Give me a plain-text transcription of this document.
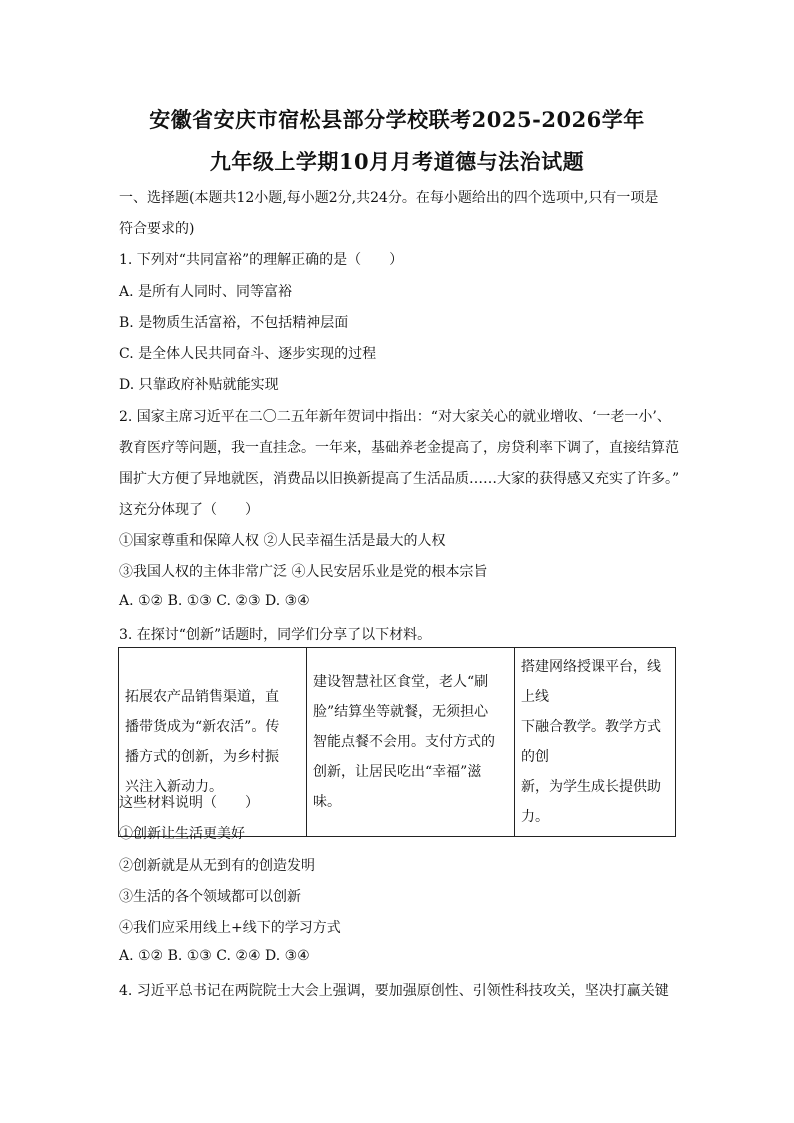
安徽省安庆市宿松县部分学校联考2025-2026学年
九年级上学期10月月考道德与法治试题
一、选择题(本题共12小题,每小题2分,共24分。在每小题给出的四个选项中,只有一项是
符合要求的)
1. 下列对“共同富裕”的理解正确的是（　　）
A. 是所有人同时、同等富裕
B. 是物质生活富裕，不包括精神层面
C. 是全体人民共同奋斗、逐步实现的过程
D. 只靠政府补贴就能实现
2. 国家主席习近平在二〇二五年新年贺词中指出：“对大家关心的就业增收、‘一老一小’、
教育医疗等问题，我一直挂念。一年来，基础养老金提高了，房贷利率下调了，直接结算范
围扩大方便了异地就医，消费品以旧换新提高了生活品质……大家的获得感又充实了许多。”
这充分体现了（　　）
①国家尊重和保障人权 ②人民幸福生活是最大的人权
③我国人权的主体非常广泛 ④人民安居乐业是党的根本宗旨
A. ①② B. ①③ C. ②③ D. ③④
3. 在探讨“创新”话题时，同学们分享了以下材料。
拓展农产品销售渠道，直
播带货成为“新农活”。传
播方式的创新，为乡村振
兴注入新动力。

建设智慧社区食堂，老人“刷
脸”结算坐等就餐，无须担心
智能点餐不会用。支付方式的
创新，让居民吃出“幸福”滋味。

搭建网络授课平台，线上线
下融合教学。教学方式的创
新，为学生成长提供助力。
这些材料说明（　　）
①创新让生活更美好
②创新就是从无到有的创造发明
③生活的各个领域都可以创新
④我们应采用线上+线下的学习方式
A. ①② B. ①③ C. ②④ D. ③④
4. 习近平总书记在两院院士大会上强调，要加强原创性、引领性科技攻关，坚决打赢关键
